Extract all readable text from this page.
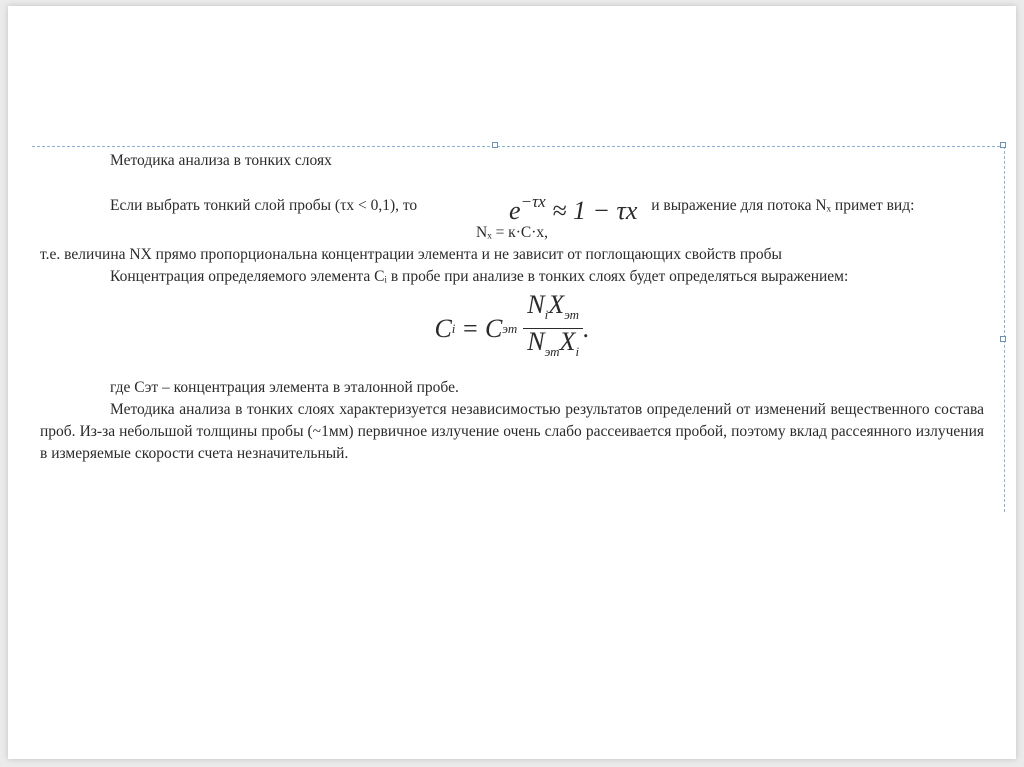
Методика анализа в тонких слоях

Если выбрать тонкий слой пробы (τx < 0,1), то	$e^{-\tau x} \approx 1 - \tau x$ и выражение для потока Nₓ примет вид:

Nₓ = к·С·х,

т.е. величина NX прямо пропорциональна концентрации элемента и не зависит от поглощающих свойств пробы

Концентрация определяемого элемента Сᵢ в пробе при анализе в тонких слоях будет определяться выражением:

C i = C эт $\frac{N_iX_{эт}}{N_{эт}X_i}$ .

где Сэт – концентрация элемента в эталонной пробе.

Методика анализа в тонких слоях характеризуется независимостью результатов определений от изменений вещественного состава проб. Из-за небольшой толщины пробы (~1мм) первичное излучение очень слабо рассеивается пробой, поэтому вклад рассеянного излучения в измеряемые скорости счета незначительный.
